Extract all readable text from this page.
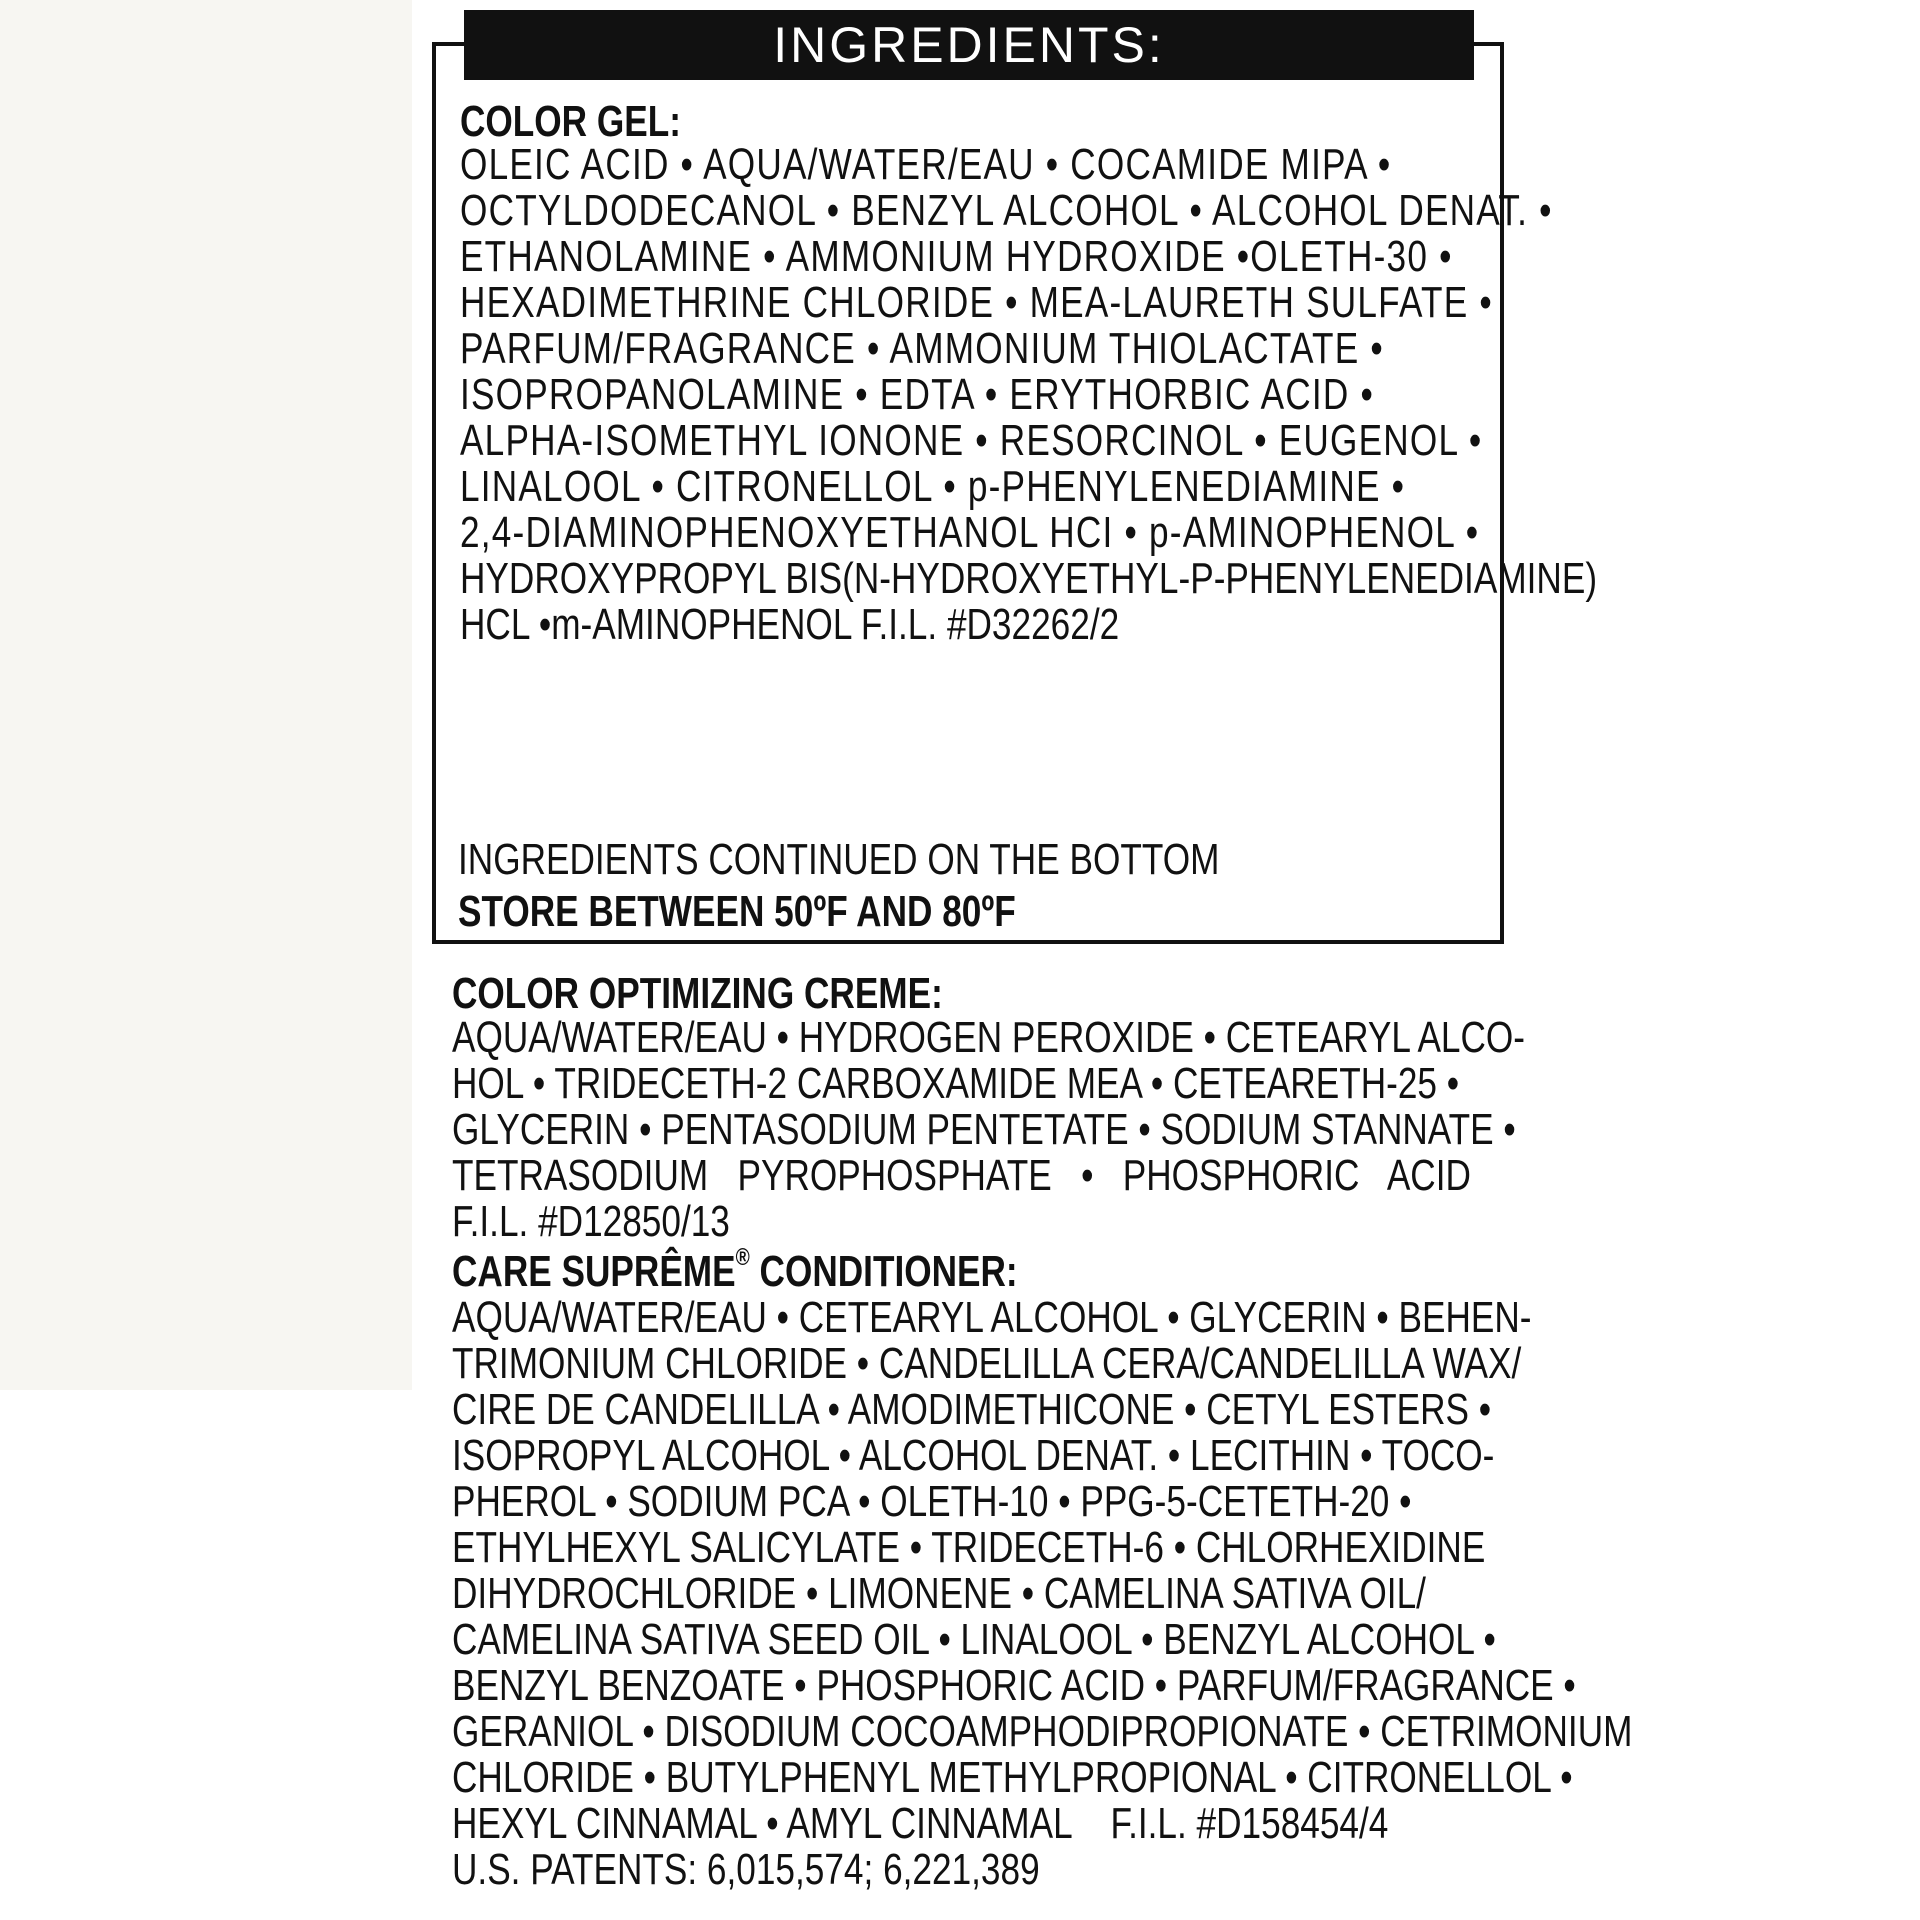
INGREDIENTS:
COLOR GEL:
OLEIC ACID • AQUA/WATER/EAU • COCAMIDE MIPA •
OCTYLDODECANOL • BENZYL ALCOHOL • ALCOHOL DENAT. •
ETHANOLAMINE • AMMONIUM HYDROXIDE •OLETH-30 •
HEXADIMETHRINE CHLORIDE • MEA-LAURETH SULFATE •
PARFUM/FRAGRANCE • AMMONIUM THIOLACTATE •
ISOPROPANOLAMINE • EDTA • ERYTHORBIC ACID •
ALPHA-ISOMETHYL IONONE • RESORCINOL • EUGENOL •
LINALOOL • CITRONELLOL • p-PHENYLENEDIAMINE •
2,4-DIAMINOPHENOXYETHANOL HCI • p-AMINOPHENOL •
HYDROXYPROPYL BIS(N-HYDROXYETHYL-P-PHENYLENEDIAMINE)
HCL •m-AMINOPHENOL F.I.L. #D32262/2
INGREDIENTS CONTINUED ON THE BOTTOM
STORE BETWEEN 50ºF AND 80ºF
COLOR OPTIMIZING CREME:
AQUA/WATER/EAU • HYDROGEN PEROXIDE • CETEARYL ALCO-
HOL • TRIDECETH-2 CARBOXAMIDE MEA • CETEARETH-25 •
GLYCERIN • PENTASODIUM PENTETATE • SODIUM STANNATE •
TETRASODIUM   PYROPHOSPHATE   •   PHOSPHORIC   ACID
F.I.L. #D12850/13
CARE SUPRÊME® CONDITIONER:
AQUA/WATER/EAU • CETEARYL ALCOHOL • GLYCERIN • BEHEN-
TRIMONIUM CHLORIDE • CANDELILLA CERA/CANDELILLA WAX/
CIRE DE CANDELILLA • AMODIMETHICONE • CETYL ESTERS •
ISOPROPYL ALCOHOL • ALCOHOL DENAT. • LECITHIN • TOCO-
PHEROL • SODIUM PCA • OLETH-10 • PPG-5-CETETH-20 •
ETHYLHEXYL SALICYLATE • TRIDECETH-6 • CHLORHEXIDINE
DIHYDROCHLORIDE • LIMONENE • CAMELINA SATIVA OIL/
CAMELINA SATIVA SEED OIL • LINALOOL • BENZYL ALCOHOL •
BENZYL BENZOATE • PHOSPHORIC ACID • PARFUM/FRAGRANCE •
GERANIOL • DISODIUM COCOAMPHODIPROPIONATE • CETRIMONIUM
CHLORIDE • BUTYLPHENYL METHYLPROPIONAL • CITRONELLOL •
HEXYL CINNAMAL • AMYL CINNAMAL    F.I.L. #D158454/4
U.S. PATENTS: 6,015,574; 6,221,389
